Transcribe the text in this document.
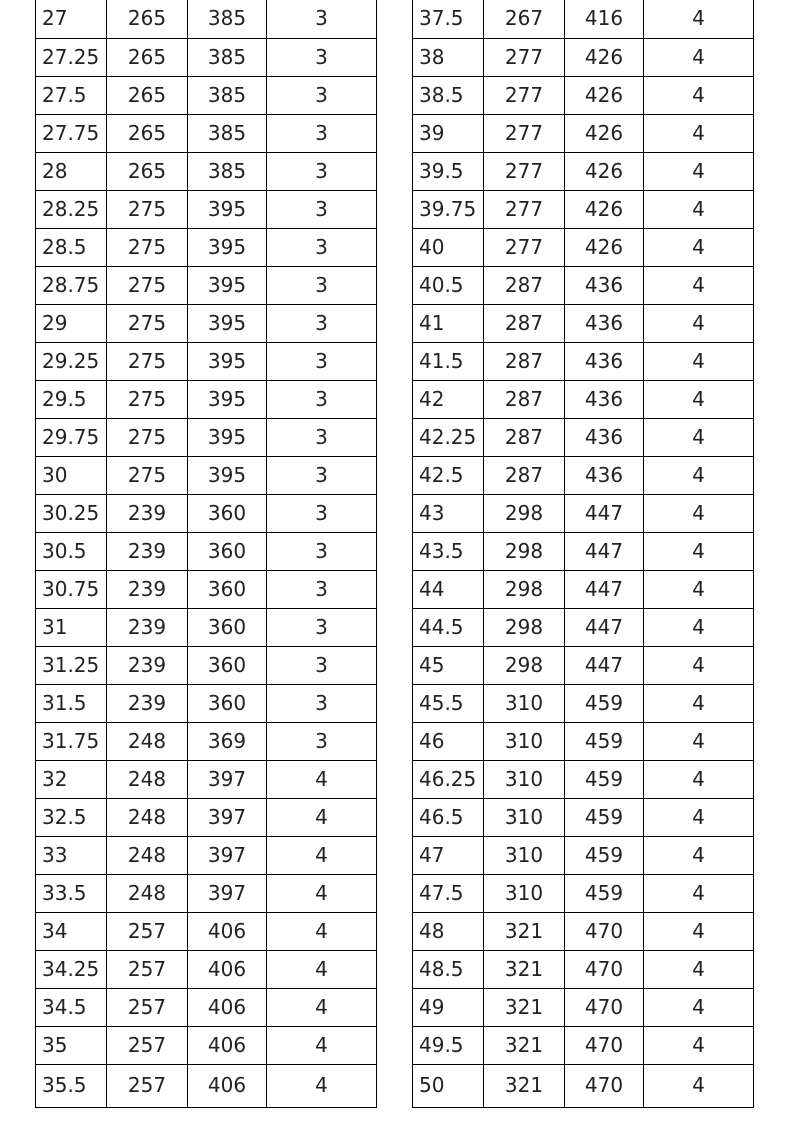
27	265	385	3
27.25	265	385	3
27.5	265	385	3
27.75	265	385	3
28	265	385	3
28.25	275	395	3
28.5	275	395	3
28.75	275	395	3
29	275	395	3
29.25	275	395	3
29.5	275	395	3
29.75	275	395	3
30	275	395	3
30.25	239	360	3
30.5	239	360	3
30.75	239	360	3
31	239	360	3
31.25	239	360	3
31.5	239	360	3
31.75	248	369	3
32	248	397	4
32.5	248	397	4
33	248	397	4
33.5	248	397	4
34	257	406	4
34.25	257	406	4
34.5	257	406	4
35	257	406	4
35.5	257	406	4
37.5	267	416	4
38	277	426	4
38.5	277	426	4
39	277	426	4
39.5	277	426	4
39.75	277	426	4
40	277	426	4
40.5	287	436	4
41	287	436	4
41.5	287	436	4
42	287	436	4
42.25	287	436	4
42.5	287	436	4
43	298	447	4
43.5	298	447	4
44	298	447	4
44.5	298	447	4
45	298	447	4
45.5	310	459	4
46	310	459	4
46.25	310	459	4
46.5	310	459	4
47	310	459	4
47.5	310	459	4
48	321	470	4
48.5	321	470	4
49	321	470	4
49.5	321	470	4
50	321	470	4
